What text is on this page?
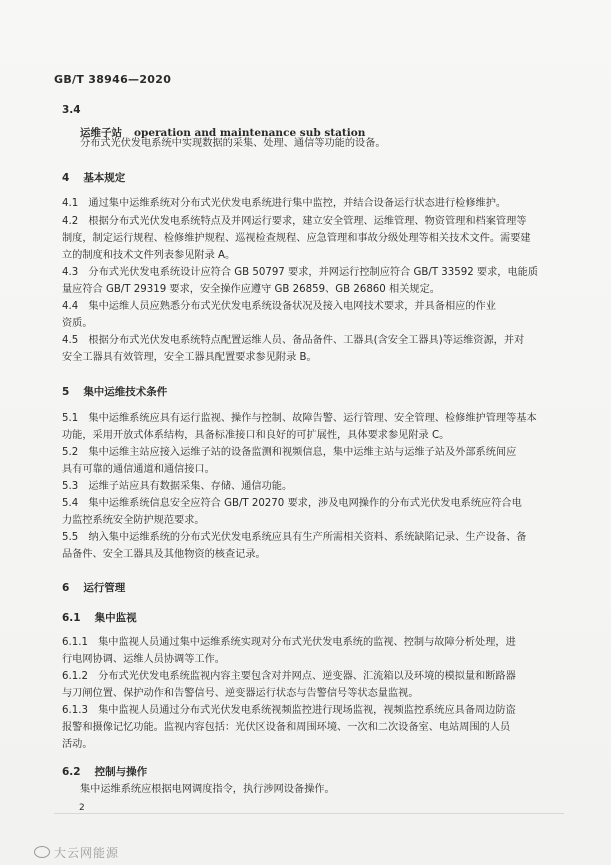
GB/T 38946—2020
3.4
运维子站 operation and maintenance sub station
分布式光伏发电系统中实现数据的采集、处理、通信等功能的设备。
4 基本规定
4.1　通过集中运维系统对分布式光伏发电系统进行集中监控，并结合设备运行状态进行检修维护。
4.2　根据分布式光伏发电系统特点及并网运行要求，建立安全管理、运维管理、物资管理和档案管理等
制度，制定运行规程、检修维护规程、巡视检查规程、应急管理和事故分级处理等相关技术文件。需要建
立的制度和技术文件列表参见附录 A。
4.3　分布式光伏发电系统设计应符合 GB 50797 要求，并网运行控制应符合 GB/T 33592 要求，电能质
量应符合 GB/T 29319 要求，安全操作应遵守 GB 26859、GB 26860 相关规定。
4.4　集中运维人员应熟悉分布式光伏发电系统设备状况及接入电网技术要求，并具备相应的作业
资质。
4.5　根据分布式光伏发电系统特点配置运维人员、备品备件、工器具(含安全工器具)等运维资源，并对
安全工器具有效管理，安全工器具配置要求参见附录 B。
5 集中运维技术条件
5.1　集中运维系统应具有运行监视、操作与控制、故障告警、运行管理、安全管理、检修维护管理等基本
功能，采用开放式体系结构，具备标准接口和良好的可扩展性，具体要求参见附录 C。
5.2　集中运维主站应接入运维子站的设备监测和视频信息，集中运维主站与运维子站及外部系统间应
具有可靠的通信通道和通信接口。
5.3　运维子站应具有数据采集、存储、通信功能。
5.4　集中运维系统信息安全应符合 GB/T 20270 要求，涉及电网操作的分布式光伏发电系统应符合电
力监控系统安全防护规范要求。
5.5　纳入集中运维系统的分布式光伏发电系统应具有生产所需相关资料、系统缺陷记录、生产设备、备
品备件、安全工器具及其他物资的核查记录。
6 运行管理
6.1 集中监视
6.1.1　集中监视人员通过集中运维系统实现对分布式光伏发电系统的监视、控制与故障分析处理，进
行电网协调、运维人员协调等工作。
6.1.2　分布式光伏发电系统监视内容主要包含对并网点、逆变器、汇流箱以及环境的模拟量和断路器
与刀闸位置、保护动作和告警信号、逆变器运行状态与告警信号等状态量监视。
6.1.3　集中监视人员通过分布式光伏发电系统视频监控进行现场监视，视频监控系统应具备周边防盗
报警和摄像记忆功能。监视内容包括：光伏区设备和周围环境、一次和二次设备室、电站周围的人员
活动。
6.2 控制与操作
集中运维系统应根据电网调度指令，执行涉网设备操作。
2
大云网能源
